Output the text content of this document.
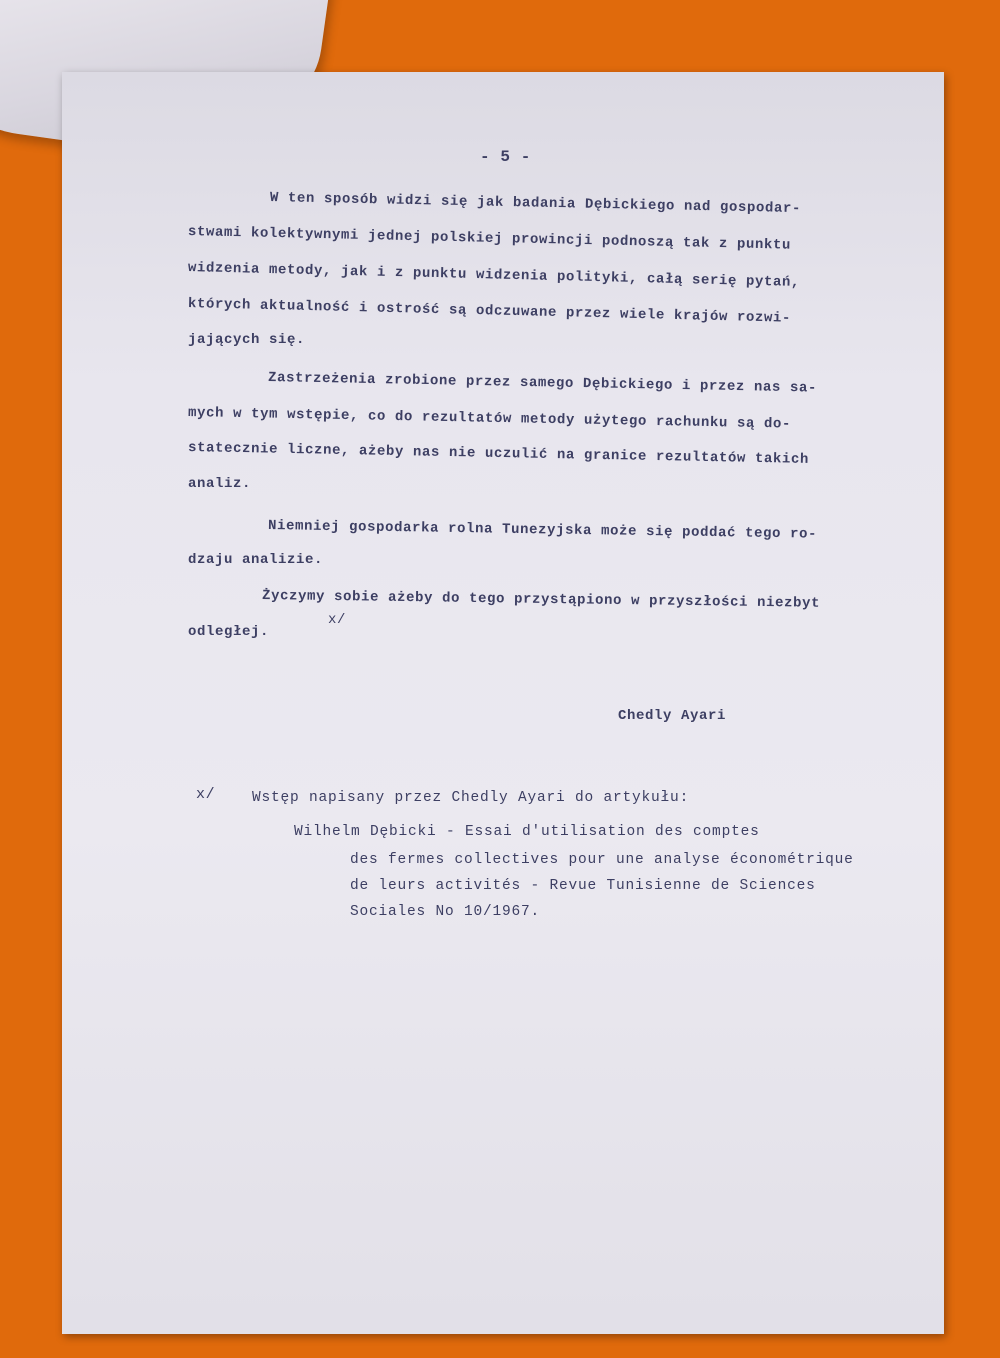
- 5 -
W ten sposób widzi się jak badania Dębickiego nad gospodar-
stwami kolektywnymi jednej polskiej prowincji podnoszą tak z punktu
widzenia metody, jak i z punktu widzenia polityki, całą serię pytań,
których aktualność i ostrość są odczuwane przez wiele krajów rozwi-
jających się.
Zastrzeżenia zrobione przez samego Dębickiego i przez nas sa-
mych w tym wstępie, co do rezultatów metody użytego rachunku są do-
statecznie liczne, ażeby nas nie uczulić na granice rezultatów takich
analiz.
Niemniej gospodarka rolna Tunezyjska może się poddać tego ro-
dzaju analizie.
Życzymy sobie ażeby do tego przystąpiono w przyszłości niezbyt
odległej.
x/
Chedly Ayari
x/	Wstęp napisany przez Chedly Ayari do artykułu:
Wilhelm Dębicki - Essai d'utilisation des comptes
des fermes collectives pour une analyse économétrique
de leurs activités - Revue Tunisienne de Sciences
Sociales No 10/1967.
